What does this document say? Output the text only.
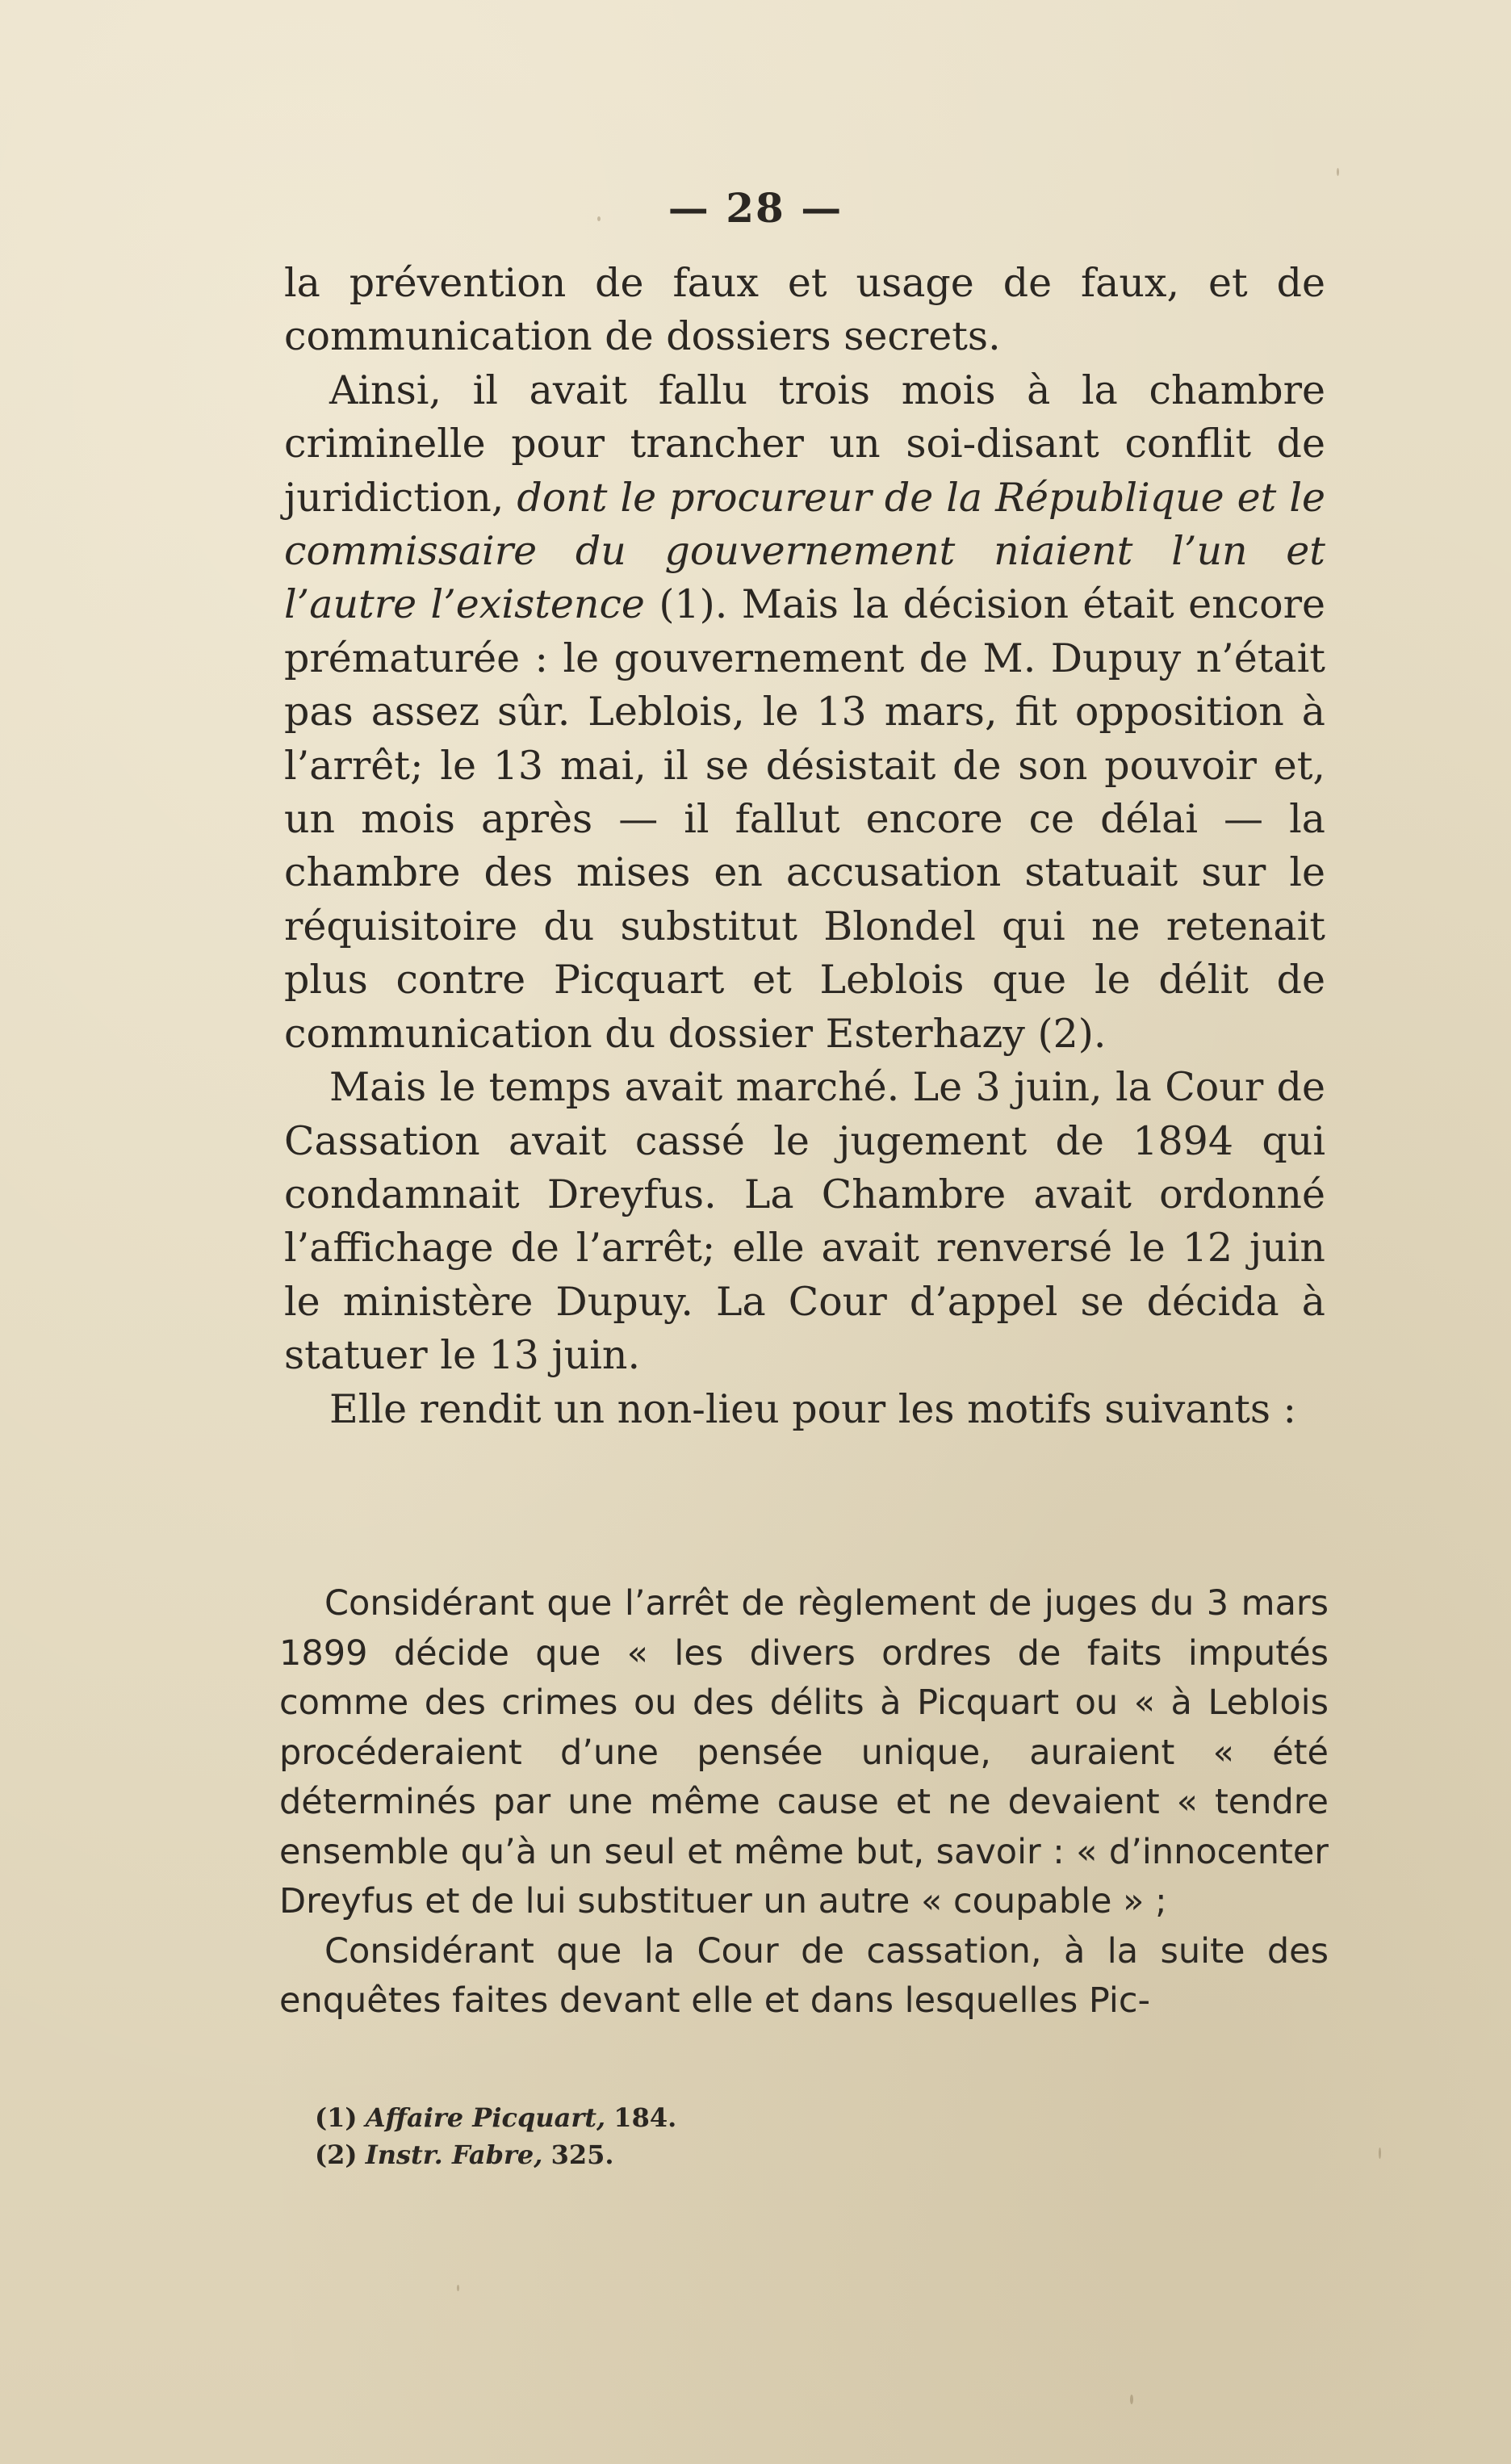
— 28 —

la prévention de faux et usage de faux, et de communication de dossiers secrets.

Ainsi, il avait fallu trois mois à la chambre criminelle pour trancher un soi-disant conflit de juridiction, dont le procureur de la République et le commissaire du gouvernement niaient l’un et l’autre l’existence (1). Mais la décision était encore prématurée : le gouvernement de M. Dupuy n’était pas assez sûr. Leblois, le 13 mars, fit opposition à l’arrêt; le 13 mai, il se désistait de son pouvoir et, un mois après — il fallut encore ce délai — la chambre des mises en accusation statuait sur le réquisitoire du substitut Blondel qui ne retenait plus contre Picquart et Leblois que le délit de communication du dossier Esterhazy (2).

Mais le temps avait marché. Le 3 juin, la Cour de Cassation avait cassé le jugement de 1894 qui condamnait Dreyfus. La Chambre avait ordonné l’affichage de l’arrêt; elle avait renversé le 12 juin le ministère Dupuy. La Cour d’appel se décida à statuer le 13 juin.

Elle rendit un non-lieu pour les motifs suivants :

Considérant que l’arrêt de règlement de juges du 3 mars 1899 décide que « les divers ordres de faits imputés comme des crimes ou des délits à Picquart ou « à Leblois procéderaient d’une pensée unique, auraient « été déterminés par une même cause et ne devaient « tendre ensemble qu’à un seul et même but, savoir : « d’innocenter Dreyfus et de lui substituer un autre « coupable » ;

Considérant que la Cour de cassation, à la suite des enquêtes faites devant elle et dans lesquelles Pic-

(1) Affaire Picquart, 184.

(2) Instr. Fabre, 325.
